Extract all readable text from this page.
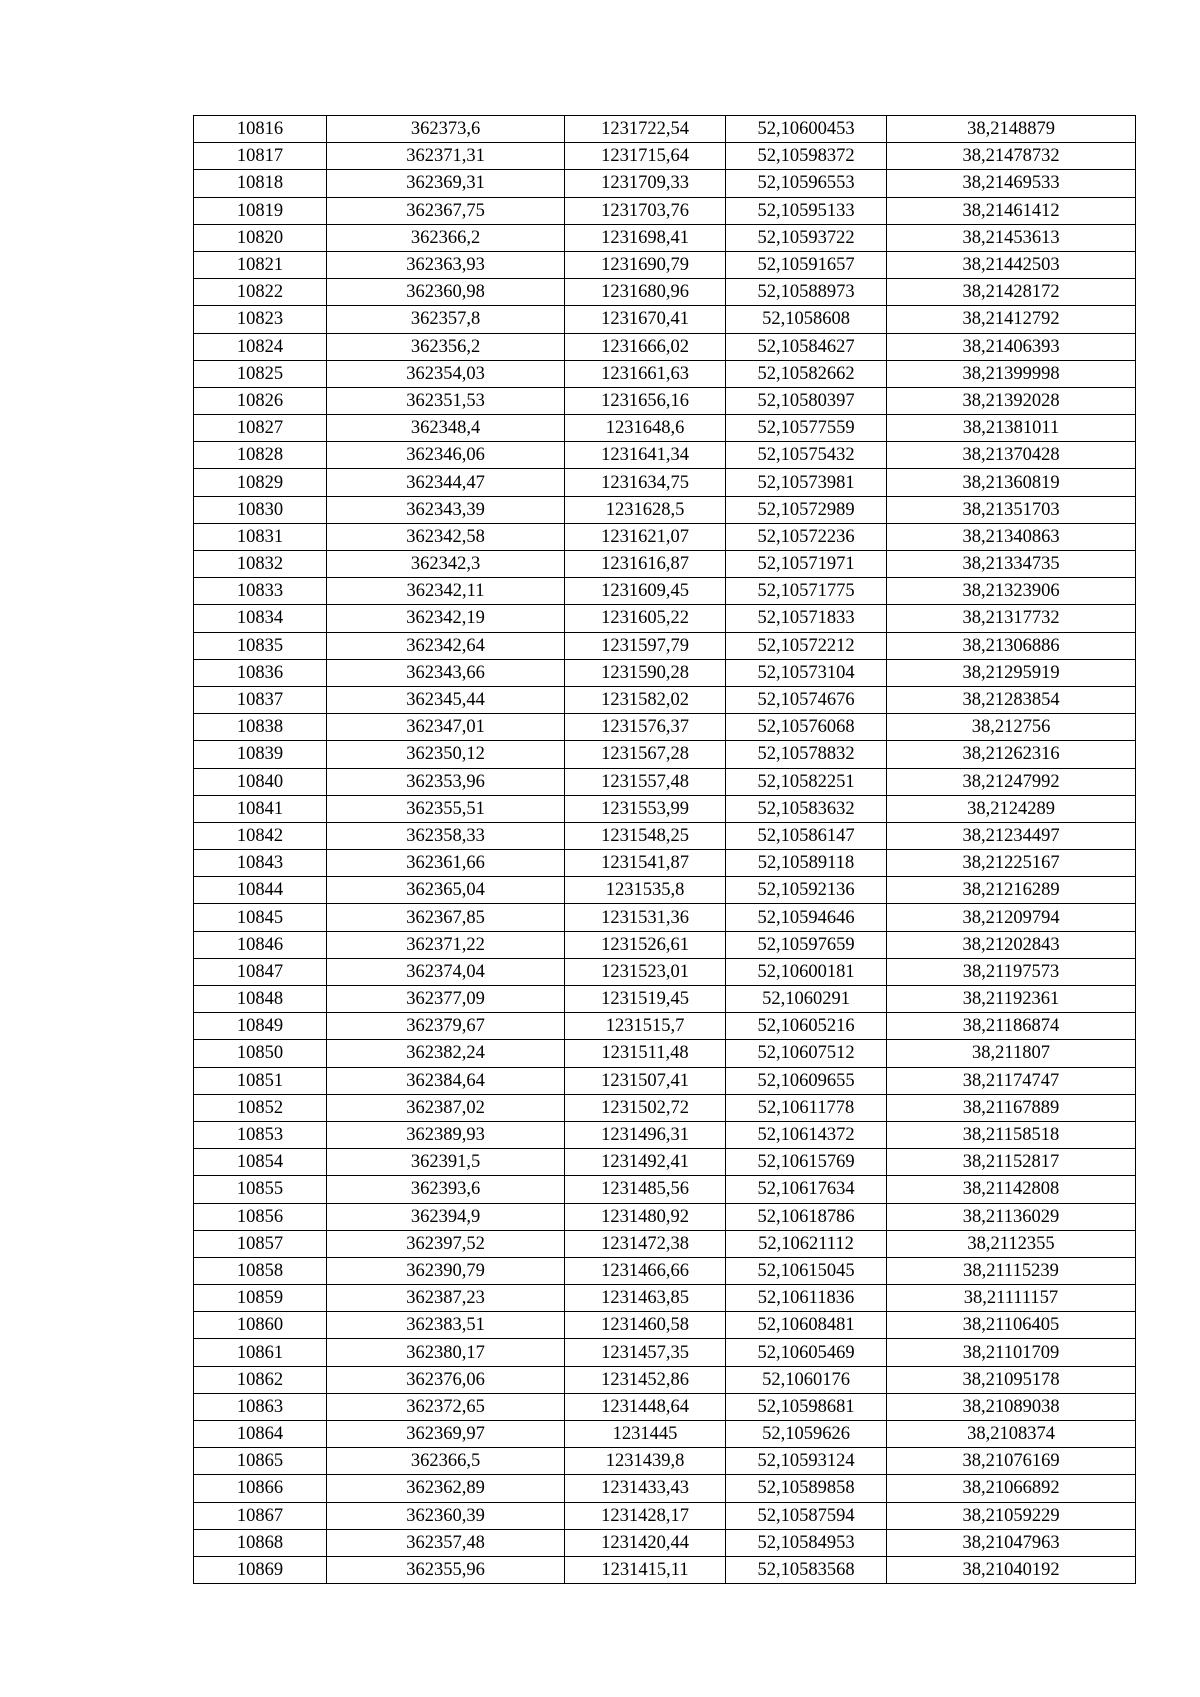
10816	362373,6	1231722,54	52,10600453	38,2148879
10817	362371,31	1231715,64	52,10598372	38,21478732
10818	362369,31	1231709,33	52,10596553	38,21469533
10819	362367,75	1231703,76	52,10595133	38,21461412
10820	362366,2	1231698,41	52,10593722	38,21453613
10821	362363,93	1231690,79	52,10591657	38,21442503
10822	362360,98	1231680,96	52,10588973	38,21428172
10823	362357,8	1231670,41	52,1058608	38,21412792
10824	362356,2	1231666,02	52,10584627	38,21406393
10825	362354,03	1231661,63	52,10582662	38,21399998
10826	362351,53	1231656,16	52,10580397	38,21392028
10827	362348,4	1231648,6	52,10577559	38,21381011
10828	362346,06	1231641,34	52,10575432	38,21370428
10829	362344,47	1231634,75	52,10573981	38,21360819
10830	362343,39	1231628,5	52,10572989	38,21351703
10831	362342,58	1231621,07	52,10572236	38,21340863
10832	362342,3	1231616,87	52,10571971	38,21334735
10833	362342,11	1231609,45	52,10571775	38,21323906
10834	362342,19	1231605,22	52,10571833	38,21317732
10835	362342,64	1231597,79	52,10572212	38,21306886
10836	362343,66	1231590,28	52,10573104	38,21295919
10837	362345,44	1231582,02	52,10574676	38,21283854
10838	362347,01	1231576,37	52,10576068	38,212756
10839	362350,12	1231567,28	52,10578832	38,21262316
10840	362353,96	1231557,48	52,10582251	38,21247992
10841	362355,51	1231553,99	52,10583632	38,2124289
10842	362358,33	1231548,25	52,10586147	38,21234497
10843	362361,66	1231541,87	52,10589118	38,21225167
10844	362365,04	1231535,8	52,10592136	38,21216289
10845	362367,85	1231531,36	52,10594646	38,21209794
10846	362371,22	1231526,61	52,10597659	38,21202843
10847	362374,04	1231523,01	52,10600181	38,21197573
10848	362377,09	1231519,45	52,1060291	38,21192361
10849	362379,67	1231515,7	52,10605216	38,21186874
10850	362382,24	1231511,48	52,10607512	38,211807
10851	362384,64	1231507,41	52,10609655	38,21174747
10852	362387,02	1231502,72	52,10611778	38,21167889
10853	362389,93	1231496,31	52,10614372	38,21158518
10854	362391,5	1231492,41	52,10615769	38,21152817
10855	362393,6	1231485,56	52,10617634	38,21142808
10856	362394,9	1231480,92	52,10618786	38,21136029
10857	362397,52	1231472,38	52,10621112	38,2112355
10858	362390,79	1231466,66	52,10615045	38,21115239
10859	362387,23	1231463,85	52,10611836	38,21111157
10860	362383,51	1231460,58	52,10608481	38,21106405
10861	362380,17	1231457,35	52,10605469	38,21101709
10862	362376,06	1231452,86	52,1060176	38,21095178
10863	362372,65	1231448,64	52,10598681	38,21089038
10864	362369,97	1231445	52,1059626	38,2108374
10865	362366,5	1231439,8	52,10593124	38,21076169
10866	362362,89	1231433,43	52,10589858	38,21066892
10867	362360,39	1231428,17	52,10587594	38,21059229
10868	362357,48	1231420,44	52,10584953	38,21047963
10869	362355,96	1231415,11	52,10583568	38,21040192
